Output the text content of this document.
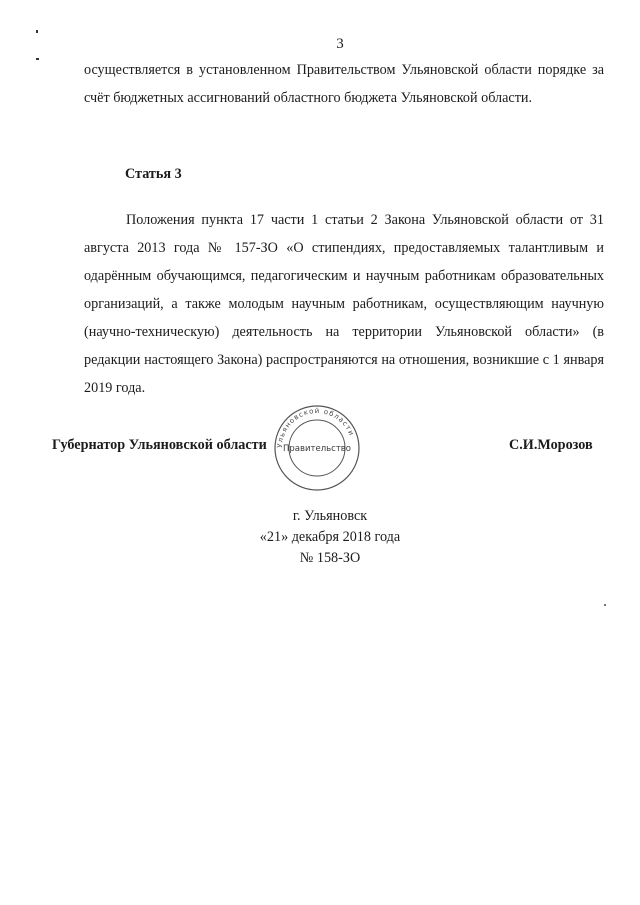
3

осуществляется в установленном Правительством Ульяновской области порядке за счёт бюджетных ассигнований областного бюджета Ульяновской области.

Статья 3

Положения пункта 17 части 1 статьи 2 Закона Ульяновской области от 31 августа 2013 года № 157-ЗО «О стипендиях, предоставляемых талантливым и одарённым обучающимся, педагогическим и научным работникам образовательных организаций, а также молодым научным работникам, осуществляющим научную (научно-техническую) деятельность на территории Ульяновской области» (в редакции настоящего Закона) распространяются на отношения, возникшие с 1 января 2019 года.

Губернатор Ульяновской области	С.И.Морозов
Ульяновской области
Правительство
г. Ульяновск
«21» декабря 2018 года
№ 158-ЗО
